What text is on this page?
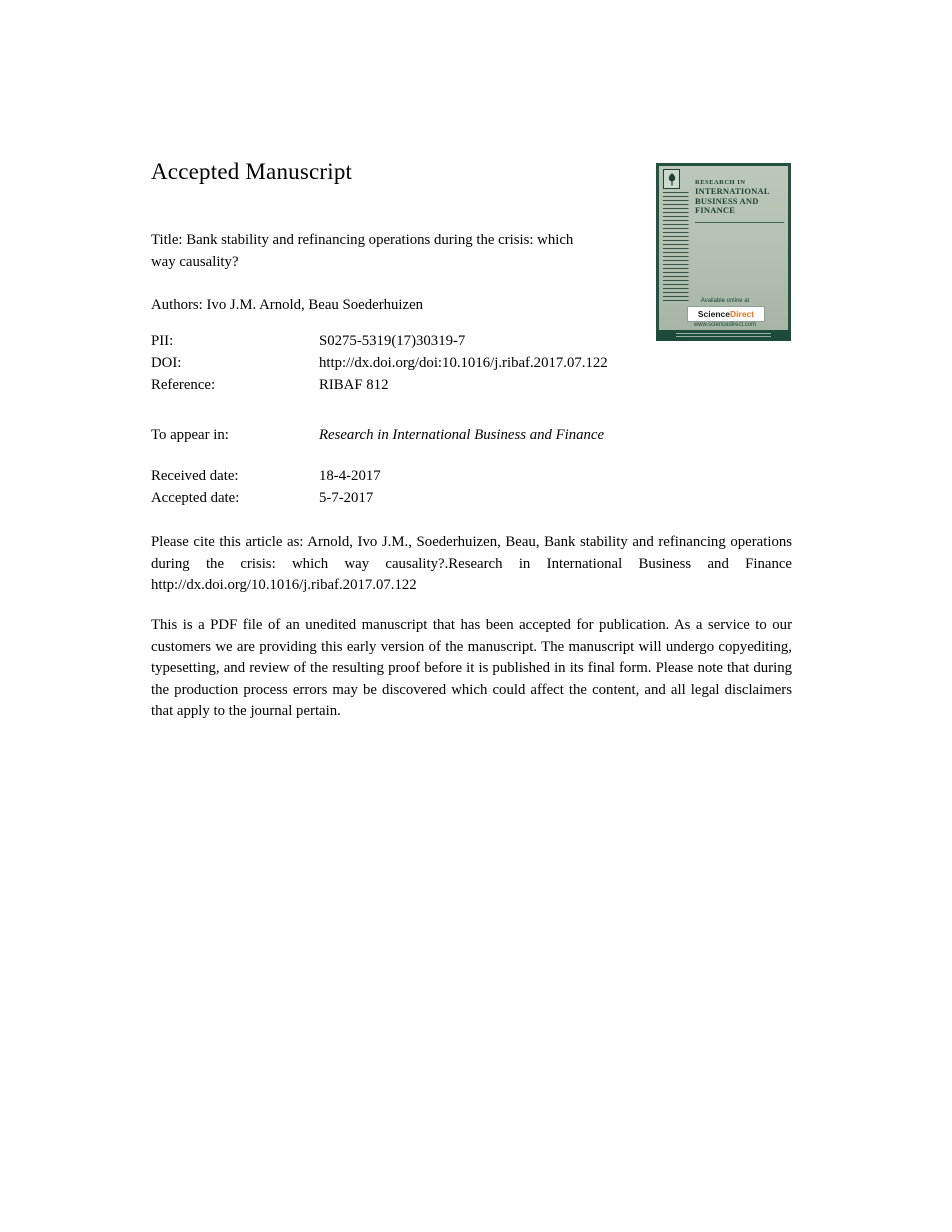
Accepted Manuscript	RESEARCH IN
INTERNATIONAL
BUSINESS AND
FINANCE
Available online at
Science Direct
www.sciencedirect.com
Title: Bank stability and refinancing operations during the crisis: which way causality?
Authors: Ivo J.M. Arnold, Beau Soederhuizen
PII:	S0275-5319(17)30319-7
DOI:	http://dx.doi.org/doi:10.1016/j.ribaf.2017.07.122
Reference:	RIBAF 812
To appear in:	Research in International Business and Finance
Received date:	18-4-2017
Accepted date:	5-7-2017
Please cite this article as: Arnold, Ivo J.M., Soederhuizen, Beau, Bank stability and refinancing operations during the crisis: which way causality?.Research in International Business and Finance http://dx.doi.org/10.1016/j.ribaf.2017.07.122
This is a PDF file of an unedited manuscript that has been accepted for publication. As a service to our customers we are providing this early version of the manuscript. The manuscript will undergo copyediting, typesetting, and review of the resulting proof before it is published in its final form. Please note that during the production process errors may be discovered which could affect the content, and all legal disclaimers that apply to the journal pertain.
